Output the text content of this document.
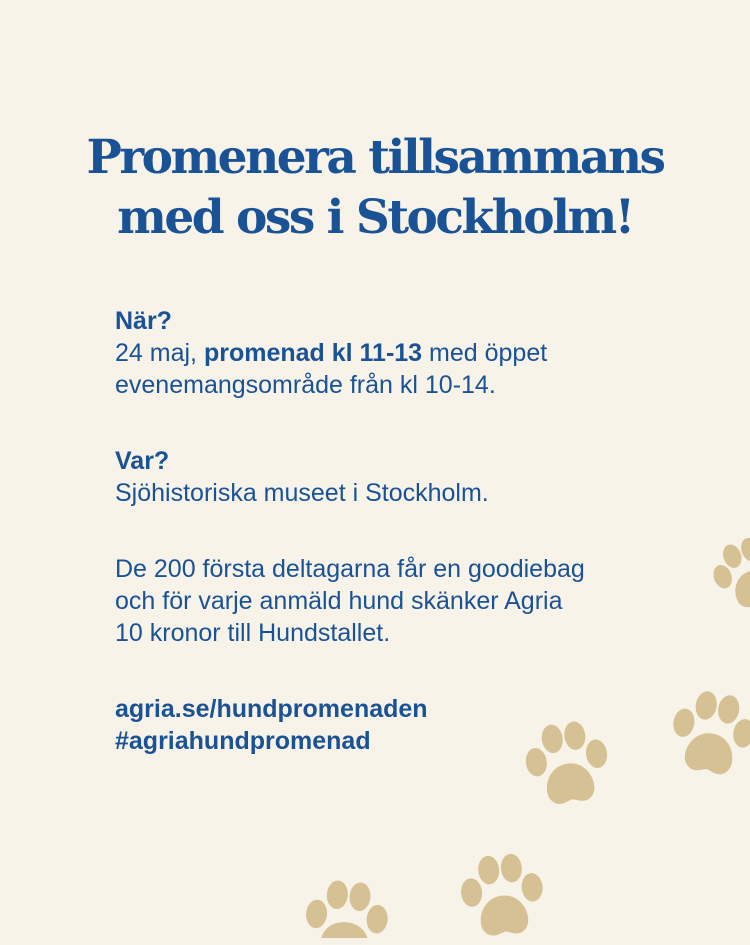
Promenera tillsammans
med oss i Stockholm!

När?

24 maj, promenad kl 11-13 med öppet

evenemangsområde från kl 10-14.

Var?

Sjöhistoriska museet i Stockholm.

De 200 första deltagarna får en goodiebag

och för varje anmäld hund skänker Agria

10 kronor till Hundstallet.

agria.se/hundpromenaden

#agriahundpromenad
